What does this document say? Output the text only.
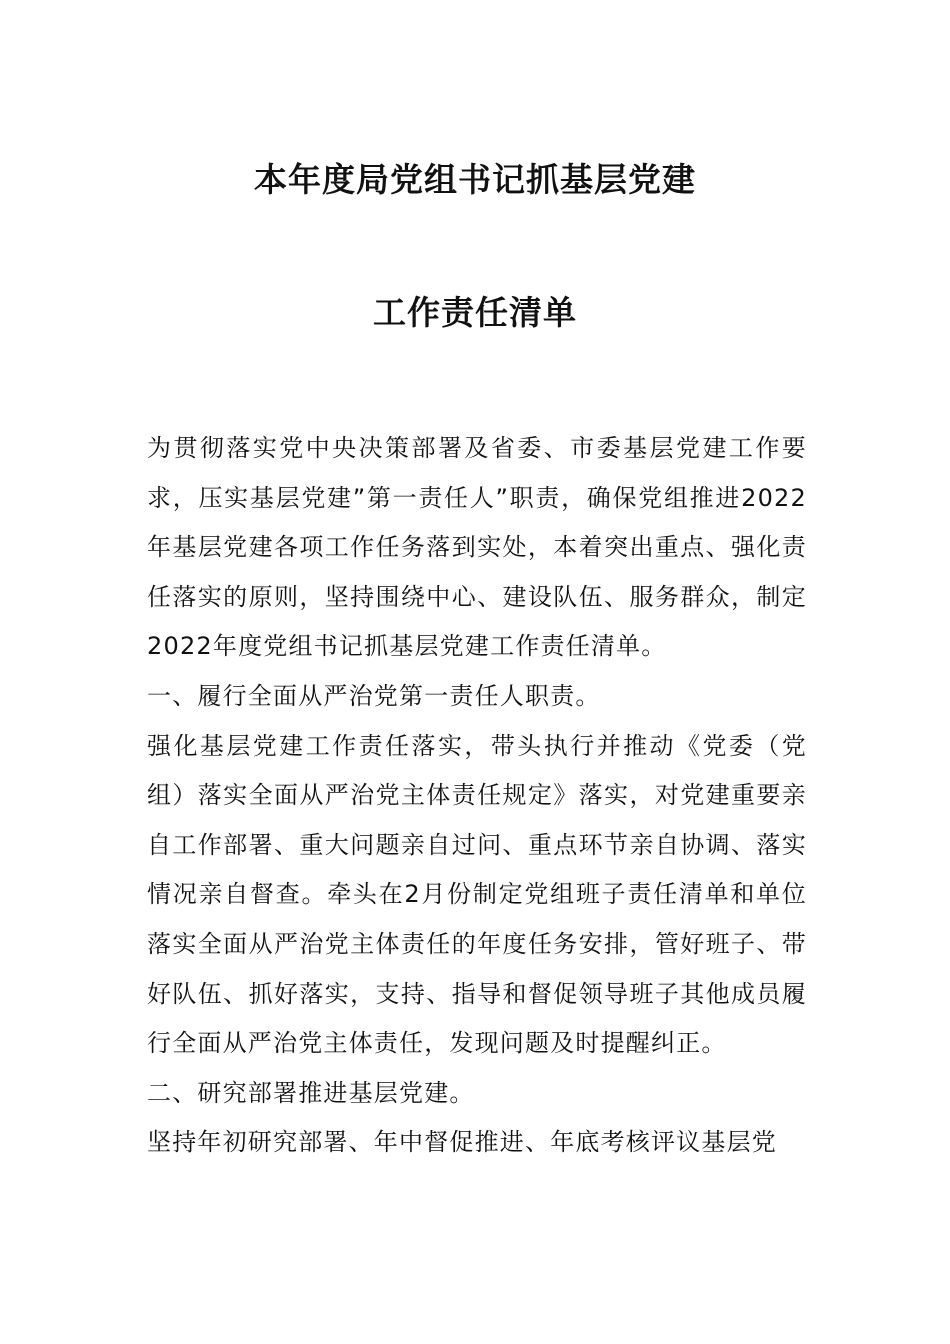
本年度局党组书记抓基层党建
工作责任清单

为贯彻落实党中央决策部署及省委、市委基层党建工作要求，压实基层党建”第一责任人”职责，确保党组推进2022年基层党建各项工作任务落到实处，本着突出重点、强化责任落实的原则，坚持围绕中心、建设队伍、服务群众，制定2022年度党组书记抓基层党建工作责任清单。

一、履行全面从严治党第一责任人职责。

强化基层党建工作责任落实，带头执行并推动《党委（党组）落实全面从严治党主体责任规定》落实，对党建重要亲自工作部署、重大问题亲自过问、重点环节亲自协调、落实情况亲自督查。牵头在2月份制定党组班子责任清单和单位落实全面从严治党主体责任的年度任务安排，管好班子、带好队伍、抓好落实，支持、指导和督促领导班子其他成员履行全面从严治党主体责任，发现问题及时提醒纠正。

二、研究部署推进基层党建。

坚持年初研究部署、年中督促推进、年底考核评议基层党
